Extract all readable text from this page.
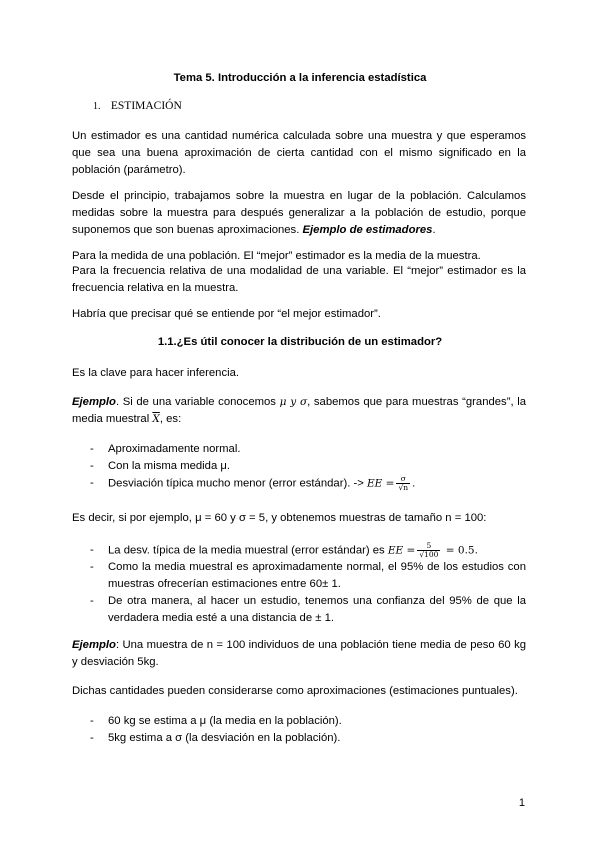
Tema 5. Introducción a la inferencia estadística
1. ESTIMACIÓN
Un estimador es una cantidad numérica calculada sobre una muestra y que esperamos que sea una buena aproximación de cierta cantidad con el mismo significado en la población (parámetro).
Desde el principio, trabajamos sobre la muestra en lugar de la población. Calculamos medidas sobre la muestra para después generalizar a la población de estudio, porque suponemos que son buenas aproximaciones. Ejemplo de estimadores.
Para la medida de una población. El “mejor” estimador es la media de la muestra.
Para la frecuencia relativa de una modalidad de una variable. El “mejor” estimador es la frecuencia relativa en la muestra.
Habría que precisar qué se entiende por “el mejor estimador”.
1.1.¿Es útil conocer la distribución de un estimador?
Es la clave para hacer inferencia.
Ejemplo. Si de una variable conocemos μ y σ, sabemos que para muestras “grandes”, la media muestral $\overline{X}$, es:
- Aproximadamente normal.
- Con la misma medida μ.
- Desviación típica mucho menor (error estándar). -> EE = $\frac{\sigma}{√n}$ .
Es decir, si por ejemplo, μ = 60 y σ = 5, y obtenemos muestras de tamaño n = 100:
- La desv. típica de la media muestral (error estándar) es EE = $\frac{5}{√100} = 0.5$.
- Como la media muestral es aproximadamente normal, el 95% de los estudios con muestras ofrecerían estimaciones entre 60± 1.
- De otra manera, al hacer un estudio, tenemos una confianza del 95% de que la verdadera media esté a una distancia de ± 1.
Ejemplo: Una muestra de n = 100 individuos de una población tiene media de peso 60 kg y desviación 5kg.
Dichas cantidades pueden considerarse como aproximaciones (estimaciones puntuales).
- 60 kg se estima a μ (la media en la población).
- 5kg estima a σ (la desviación en la población).
1
